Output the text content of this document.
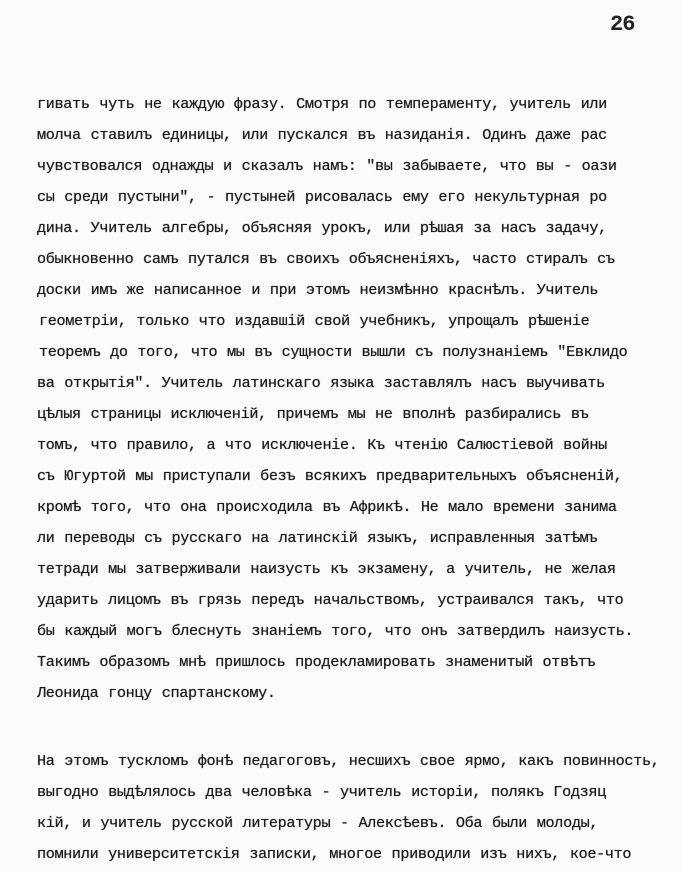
26
гивать чуть не каждую фразу. Смотря по темпераменту, учитель или
молча ставилъ единицы, или пускался въ назиданія. Одинъ даже рас
чувствовался однажды и сказалъ намъ: "вы забываете, что вы - оази
сы среди пустыни", - пустыней рисовалась ему его некультурная ро
дина. Учитель алгебры, объясняя урокъ, или рѣшая за насъ задачу,
обыкновенно самъ путался въ своихъ объясненіяхъ, часто стиралъ съ
доски имъ же написанное и при этомъ неизмѣнно краснѣлъ. Учитель
геометріи, только что издавшій свой учебникъ, упрощалъ рѣшеніе
теоремъ до того, что мы въ сущности вышли съ полузнаніемъ "Евклидо
ва открытія". Учитель латинскаго языка заставлялъ насъ выучивать
цѣлыя страницы исключеній, причемъ мы не вполнѣ разбирались въ
томъ, что правило, а что исключеніе. Къ чтенію Салюстіевой войны
съ Югуртой мы приступали безъ всякихъ предварительныхъ объясненій,
кромѣ того, что она происходила въ Африкѣ. Не мало времени занима
ли переводы съ русскаго на латинскій языкъ, исправленныя затѣмъ
тетради мы затверживали наизусть къ экзамену, а учитель, не желая
ударить лицомъ въ грязь передъ начальствомъ, устраивался такъ, что
бы каждый могъ блеснуть знаніемъ того, что онъ затвердилъ наизусть.
Такимъ образомъ мнѣ пришлось продекламировать знаменитый отвѣтъ
Леонида гонцу спартанскому.
На этомъ тускломъ фонѣ педагоговъ, несшихъ свое ярмо, какъ повинность,
выгодно выдѣлялось два человѣка - учитель исторіи, полякъ Годзяц
кій, и учитель русской литературы - Алексѣевъ. Оба были молоды,
помнили университетскія записки, многое приводили изъ нихъ, кое-что
